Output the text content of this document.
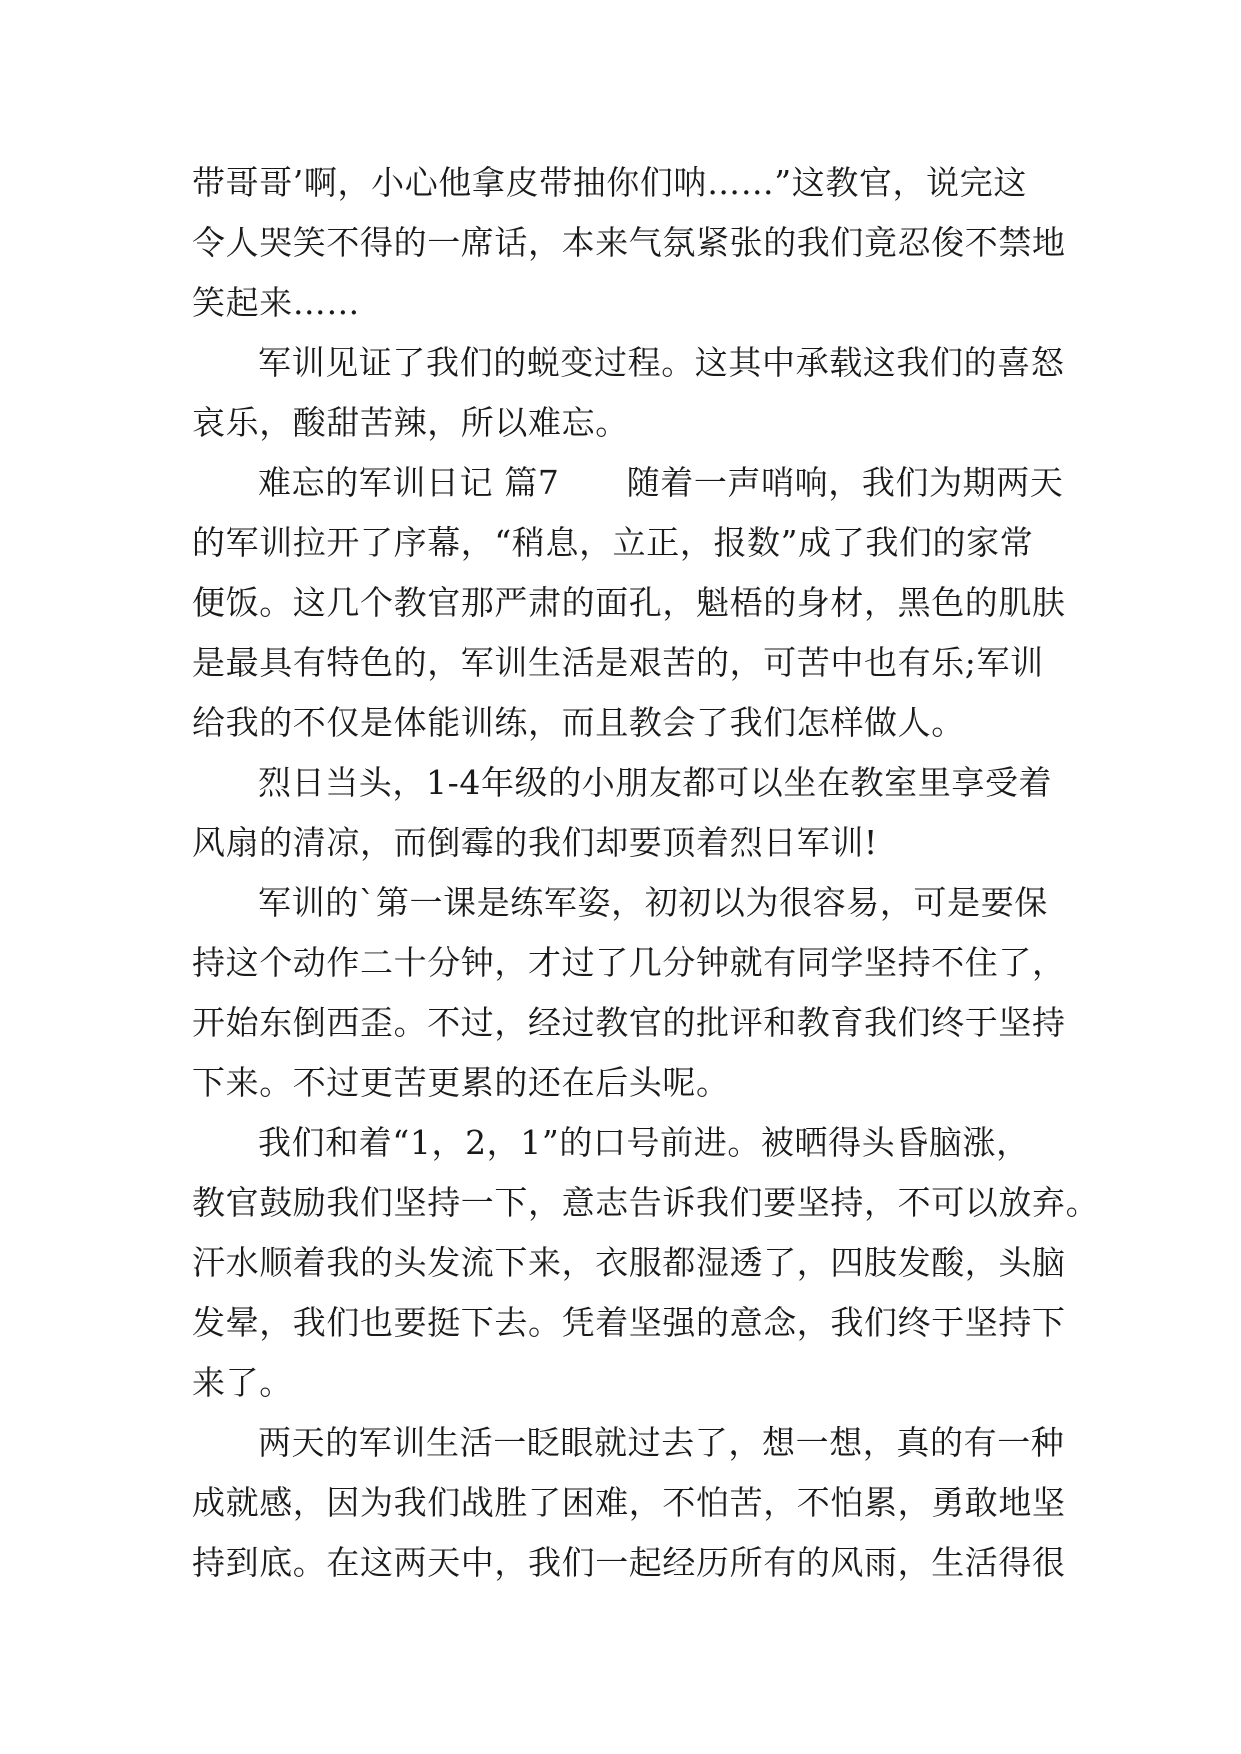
带哥哥’啊，小心他拿皮带抽你们呐……”这教官，说完这
令人哭笑不得的一席话，本来气氛紧张的我们竟忍俊不禁地
笑起来……
军训见证了我们的蜕变过程。这其中承载这我们的喜怒
哀乐，酸甜苦辣，所以难忘。
难忘的军训日记 篇7　　随着一声哨响，我们为期两天
的军训拉开了序幕，“稍息，立正，报数”成了我们的家常
便饭。这几个教官那严肃的面孔，魁梧的身材，黑色的肌肤
是最具有特色的，军训生活是艰苦的，可苦中也有乐;军训
给我的不仅是体能训练，而且教会了我们怎样做人。
烈日当头，1-4年级的小朋友都可以坐在教室里享受着
风扇的清凉，而倒霉的我们却要顶着烈日军训!
军训的`第一课是练军姿，初初以为很容易，可是要保
持这个动作二十分钟，才过了几分钟就有同学坚持不住了，
开始东倒西歪。不过，经过教官的批评和教育我们终于坚持
下来。不过更苦更累的还在后头呢。
我们和着“1，2，1”的口号前进。被晒得头昏脑涨，
教官鼓励我们坚持一下，意志告诉我们要坚持，不可以放弃。
汗水顺着我的头发流下来，衣服都湿透了，四肢发酸，头脑
发晕，我们也要挺下去。凭着坚强的意念，我们终于坚持下
来了。
两天的军训生活一眨眼就过去了，想一想，真的有一种
成就感，因为我们战胜了困难，不怕苦，不怕累，勇敢地坚
持到底。在这两天中，我们一起经历所有的风雨，生活得很
